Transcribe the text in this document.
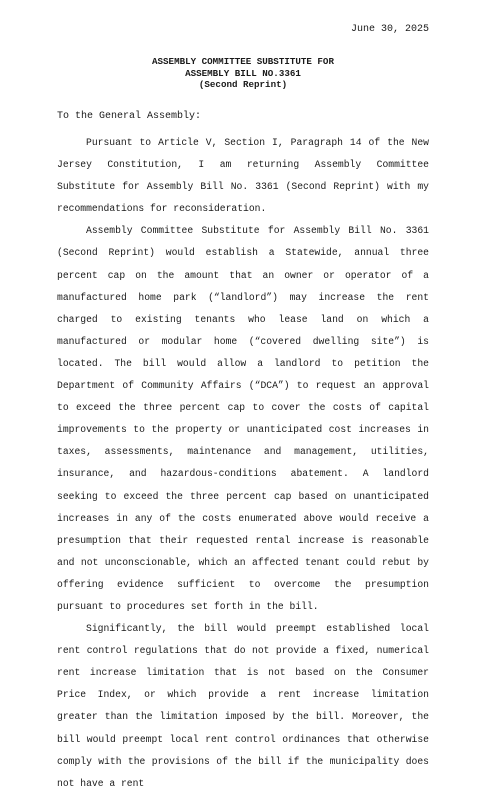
June 30, 2025
ASSEMBLY COMMITTEE SUBSTITUTE FOR
ASSEMBLY BILL NO.3361
(Second Reprint)

To the General Assembly:

Pursuant to Article V, Section I, Paragraph 14 of the New Jersey Constitution, I am returning Assembly Committee Substitute for Assembly Bill No. 3361 (Second Reprint) with my recommendations for reconsideration.

Assembly Committee Substitute for Assembly Bill No. 3361 (Second Reprint) would establish a Statewide, annual three percent cap on the amount that an owner or operator of a manufactured home park (“landlord”) may increase the rent charged to existing tenants who lease land on which a manufactured or modular home (“covered dwelling site”) is located. The bill would allow a landlord to petition the Department of Community Affairs (“DCA”) to request an approval to exceed the three percent cap to cover the costs of capital improvements to the property or unanticipated cost increases in taxes, assessments, maintenance and management, utilities, insurance, and hazardous-conditions abatement. A landlord seeking to exceed the three percent cap based on unanticipated increases in any of the costs enumerated above would receive a presumption that their requested rental increase is reasonable and not unconscionable, which an affected tenant could rebut by offering evidence sufficient to overcome the presumption pursuant to procedures set forth in the bill.

Significantly, the bill would preempt established local rent control regulations that do not provide a fixed, numerical rent increase limitation that is not based on the Consumer Price Index, or which provide a rent increase limitation greater than the limitation imposed by the bill. Moreover, the bill would preempt local rent control ordinances that otherwise comply with the provisions of the bill if the municipality does not have a rent
